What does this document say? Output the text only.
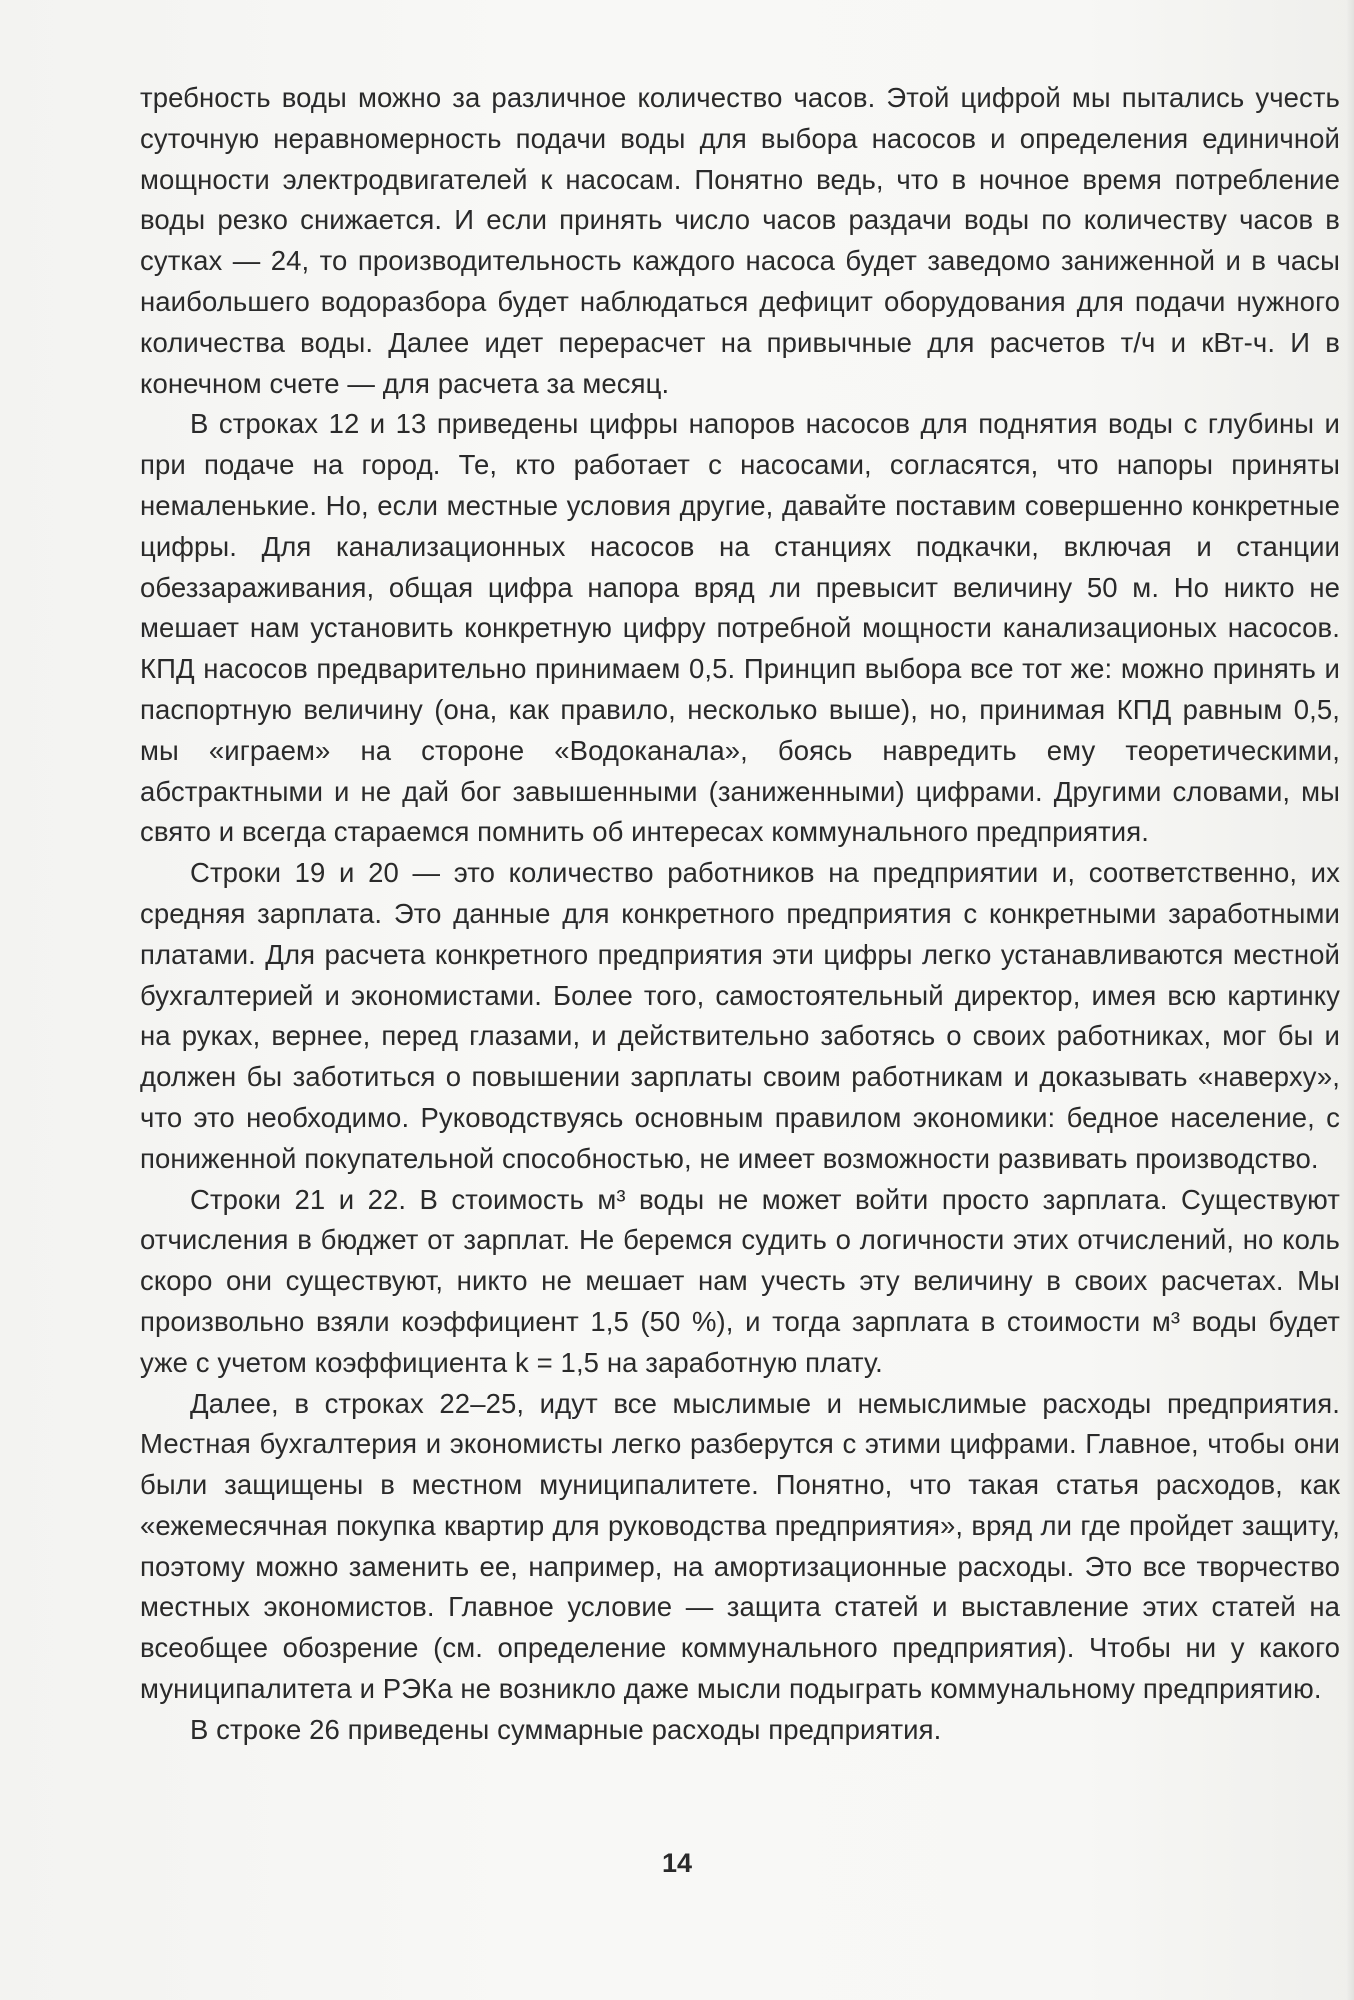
требность воды можно за различное количество часов. Этой цифрой мы пытались учесть суточную неравномерность подачи воды для выбора насосов и определения единичной мощности электродвигателей к насосам. Понятно ведь, что в ночное время потребление воды резко снижается. И если принять число часов раздачи воды по количеству часов в сутках — 24, то производительность каждого насоса будет заведомо заниженной и в часы наибольшего водоразбора будет наблюдаться дефицит оборудования для подачи нужного количества воды. Далее идет перерасчет на привычные для расчетов т/ч и кВт-ч. И в конечном счете — для расчета за месяц.

В строках 12 и 13 приведены цифры напоров насосов для поднятия воды с глубины и при подаче на город. Те, кто работает с насосами, согласятся, что напоры приняты немаленькие. Но, если местные условия другие, давайте поставим совершенно конкретные цифры. Для канализационных насосов на станциях подкачки, включая и станции обеззараживания, общая цифра напора вряд ли превысит величину 50 м. Но никто не мешает нам установить конкретную цифру потребной мощности канализационых насосов. КПД насосов предварительно принимаем 0,5. Принцип выбора все тот же: можно принять и паспортную величину (она, как правило, несколько выше), но, принимая КПД равным 0,5, мы «играем» на стороне «Водоканала», боясь навредить ему теоретическими, абстрактными и не дай бог завышенными (заниженными) цифрами. Другими словами, мы свято и всегда стараемся помнить об интересах коммунального предприятия.

Строки 19 и 20 — это количество работников на предприятии и, соответственно, их средняя зарплата. Это данные для конкретного предприятия с конкретными заработными платами. Для расчета конкретного предприятия эти цифры легко устанавливаются местной бухгалтерией и экономистами. Более того, самостоятельный директор, имея всю картинку на руках, вернее, перед глазами, и действительно заботясь о своих работниках, мог бы и должен бы заботиться о повышении зарплаты своим работникам и доказывать «наверху», что это необходимо. Руководствуясь основным правилом экономики: бедное население, с пониженной покупательной способностью, не имеет возможности развивать производство.

Строки 21 и 22. В стоимость м³ воды не может войти просто зарплата. Существуют отчисления в бюджет от зарплат. Не беремся судить о логичности этих отчислений, но коль скоро они существуют, никто не мешает нам учесть эту величину в своих расчетах. Мы произвольно взяли коэффициент 1,5 (50 %), и тогда зарплата в стоимости м³ воды будет уже с учетом коэффициента k = 1,5 на заработную плату.

Далее, в строках 22–25, идут все мыслимые и немыслимые расходы предприятия. Местная бухгалтерия и экономисты легко разберутся с этими цифрами. Главное, чтобы они были защищены в местном муниципалитете. Понятно, что такая статья расходов, как «ежемесячная покупка квартир для руководства предприятия», вряд ли где пройдет защиту, поэтому можно заменить ее, например, на амортизационные расходы. Это все творчество местных экономистов. Главное условие — защита статей и выставление этих статей на всеобщее обозрение (см. определение коммунального предприятия). Чтобы ни у какого муниципалитета и РЭКа не возникло даже мысли подыграть коммунальному предприятию.

В строке 26 приведены суммарные расходы предприятия.

14
